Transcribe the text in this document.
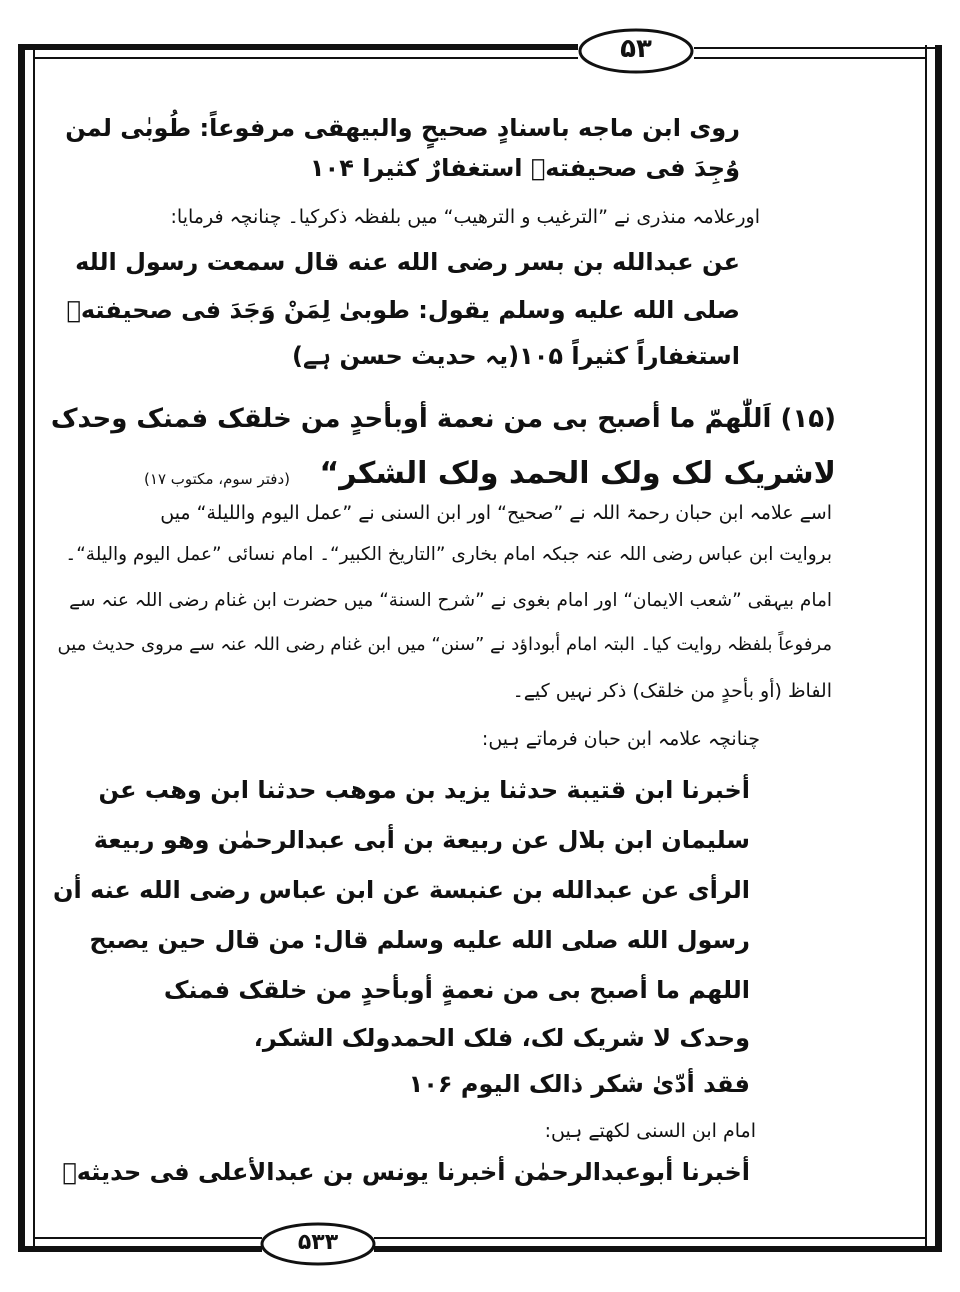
۵۳
۵۳۳
روی ابن ماجه باسنادٍ صحیحٍ والبیهقی مرفوعاً: طُوبٰی لمن
وُجِدَ فی صحیفتهٖ استغفارٌ کثیرا ۱۰۴
اورعلامہ منذری نے ”الترغیب و الترهیب“ میں بلفظہ ذکرکیا۔ چنانچہ فرمایا:
عن عبدالله بن بسر رضی الله عنه قال سمعت رسول الله
صلی الله علیه وسلم یقول: طوبیٰ لِمَنْ وَجَدَ فی صحیفتهٖ
استغفاراً کثیراً ۱۰۵(یہ حدیث حسن ہے)
(۱۵) اَللّٰهمّ ما أصبح بی من نعمة أوبأحدٍ من خلقک فمنک وحدک
لاشریک لک ولک الحمد ولک الشکر“
(دفتر سوم، مکتوب ۱۷)
اسے علامہ ابن حبان رحمۃ اللہ نے ”صحیح“ اور ابن السنی نے ”عمل الیوم والليلة“ میں
بروایت ابن عباس رضی اللہ عنہ جبکہ امام بخاری ”التاریخ الکبیر“۔ امام نسائی ”عمل الیوم والیلة“۔
امام بیہقی ”شعب الایمان“ اور امام بغوی نے ”شرح السنة“ میں حضرت ابن غنام رضی اللہ عنہ سے
مرفوعاً بلفظہ روایت کیا۔ البتہ امام أبوداؤد نے ”سنن“ میں ابن غنام رضی اللہ عنہ سے مروی حدیث میں
الفاظ (أو بأحدٍ من خلقک) ذکر نہیں کیے۔
چنانچہ علامہ ابن حبان فرماتے ہیں:
أخبرنا ابن قتیبة حدثنا یزید بن موهب حدثنا ابن وهب عن
سلیمان ابن بلال عن ربیعة بن أبی عبدالرحمٰن وهو ربیعة
الرأی عن عبدالله بن عنبسة عن ابن عباس رضی الله عنه أن
رسول الله صلی الله علیه وسلم قال: من قال حین یصبح
اللهم ما أصبح بی من نعمةٍ أوبأحدٍ من خلقک فمنک
وحدک لا شریک لک، فلک الحمدولک الشکر،
فقد أدّیٰ شکر ذالک الیوم ۱۰۶
امام ابن السنی لکھتے ہیں:
أخبرنا أبوعبدالرحمٰن أخبرنا یونس بن عبدالأعلی فی حدیثهٖ
